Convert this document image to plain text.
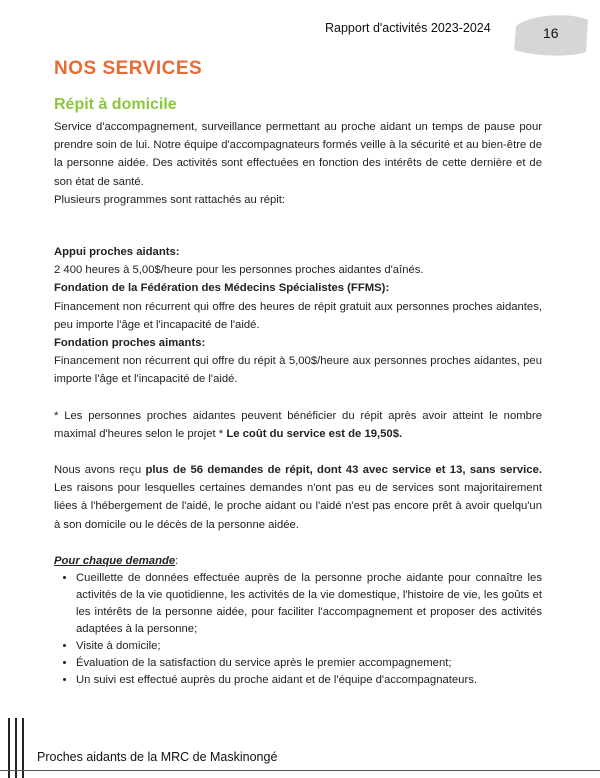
Rapport d'activités 2023-2024	16
NOS SERVICES
Répit à domicile

Service d'accompagnement, surveillance permettant au proche aidant un temps de pause pour prendre soin de lui. Notre équipe d'accompagnateurs formés veille à la sécurité et au bien-être de la personne aidée. Des activités sont effectuées en fonction des intérêts de cette dernière et de son état de santé.

Plusieurs programmes sont rattachés au répit:

Appui proches aidants:

2 400 heures à 5,00$/heure pour les personnes proches aidantes d'aînés.

Fondation de la Fédération des Médecins Spécialistes (FFMS):

Financement non récurrent qui offre des heures de répit gratuit aux personnes proches aidantes, peu importe l'âge et l'incapacité de l'aidé.

Fondation proches aimants:

Financement non récurrent qui offre du répit à 5,00$/heure aux personnes proches aidantes, peu importe l'âge et l'incapacité de l'aidé.

* Les personnes proches aidantes peuvent bénéficier du répit après avoir atteint le nombre maximal d'heures selon le projet * Le coût du service est de 19,50$.

Nous avons reçu plus de 56 demandes de répit, dont 43 avec service et 13, sans service. Les raisons pour lesquelles certaines demandes n'ont pas eu de services sont majoritairement liées à l'hébergement de l'aidé, le proche aidant ou l'aidé n'est pas encore prêt à avoir quelqu'un à son domicile ou le décès de la personne aidée.

Pour chaque demande:

• Cueillette de données effectuée auprès de la personne proche aidante pour connaître les activités de la vie quotidienne, les activités de la vie domestique, l'histoire de vie, les goûts et les intérêts de la personne aidée, pour faciliter l'accompagnement et proposer des activités adaptées à la personne;
• Visite à domicile;
• Évaluation de la satisfaction du service après le premier accompagnement;
• Un suivi est effectué auprès du proche aidant et de l'équipe d'accompagnateurs.
Proches aidants de la MRC de Maskinongé
